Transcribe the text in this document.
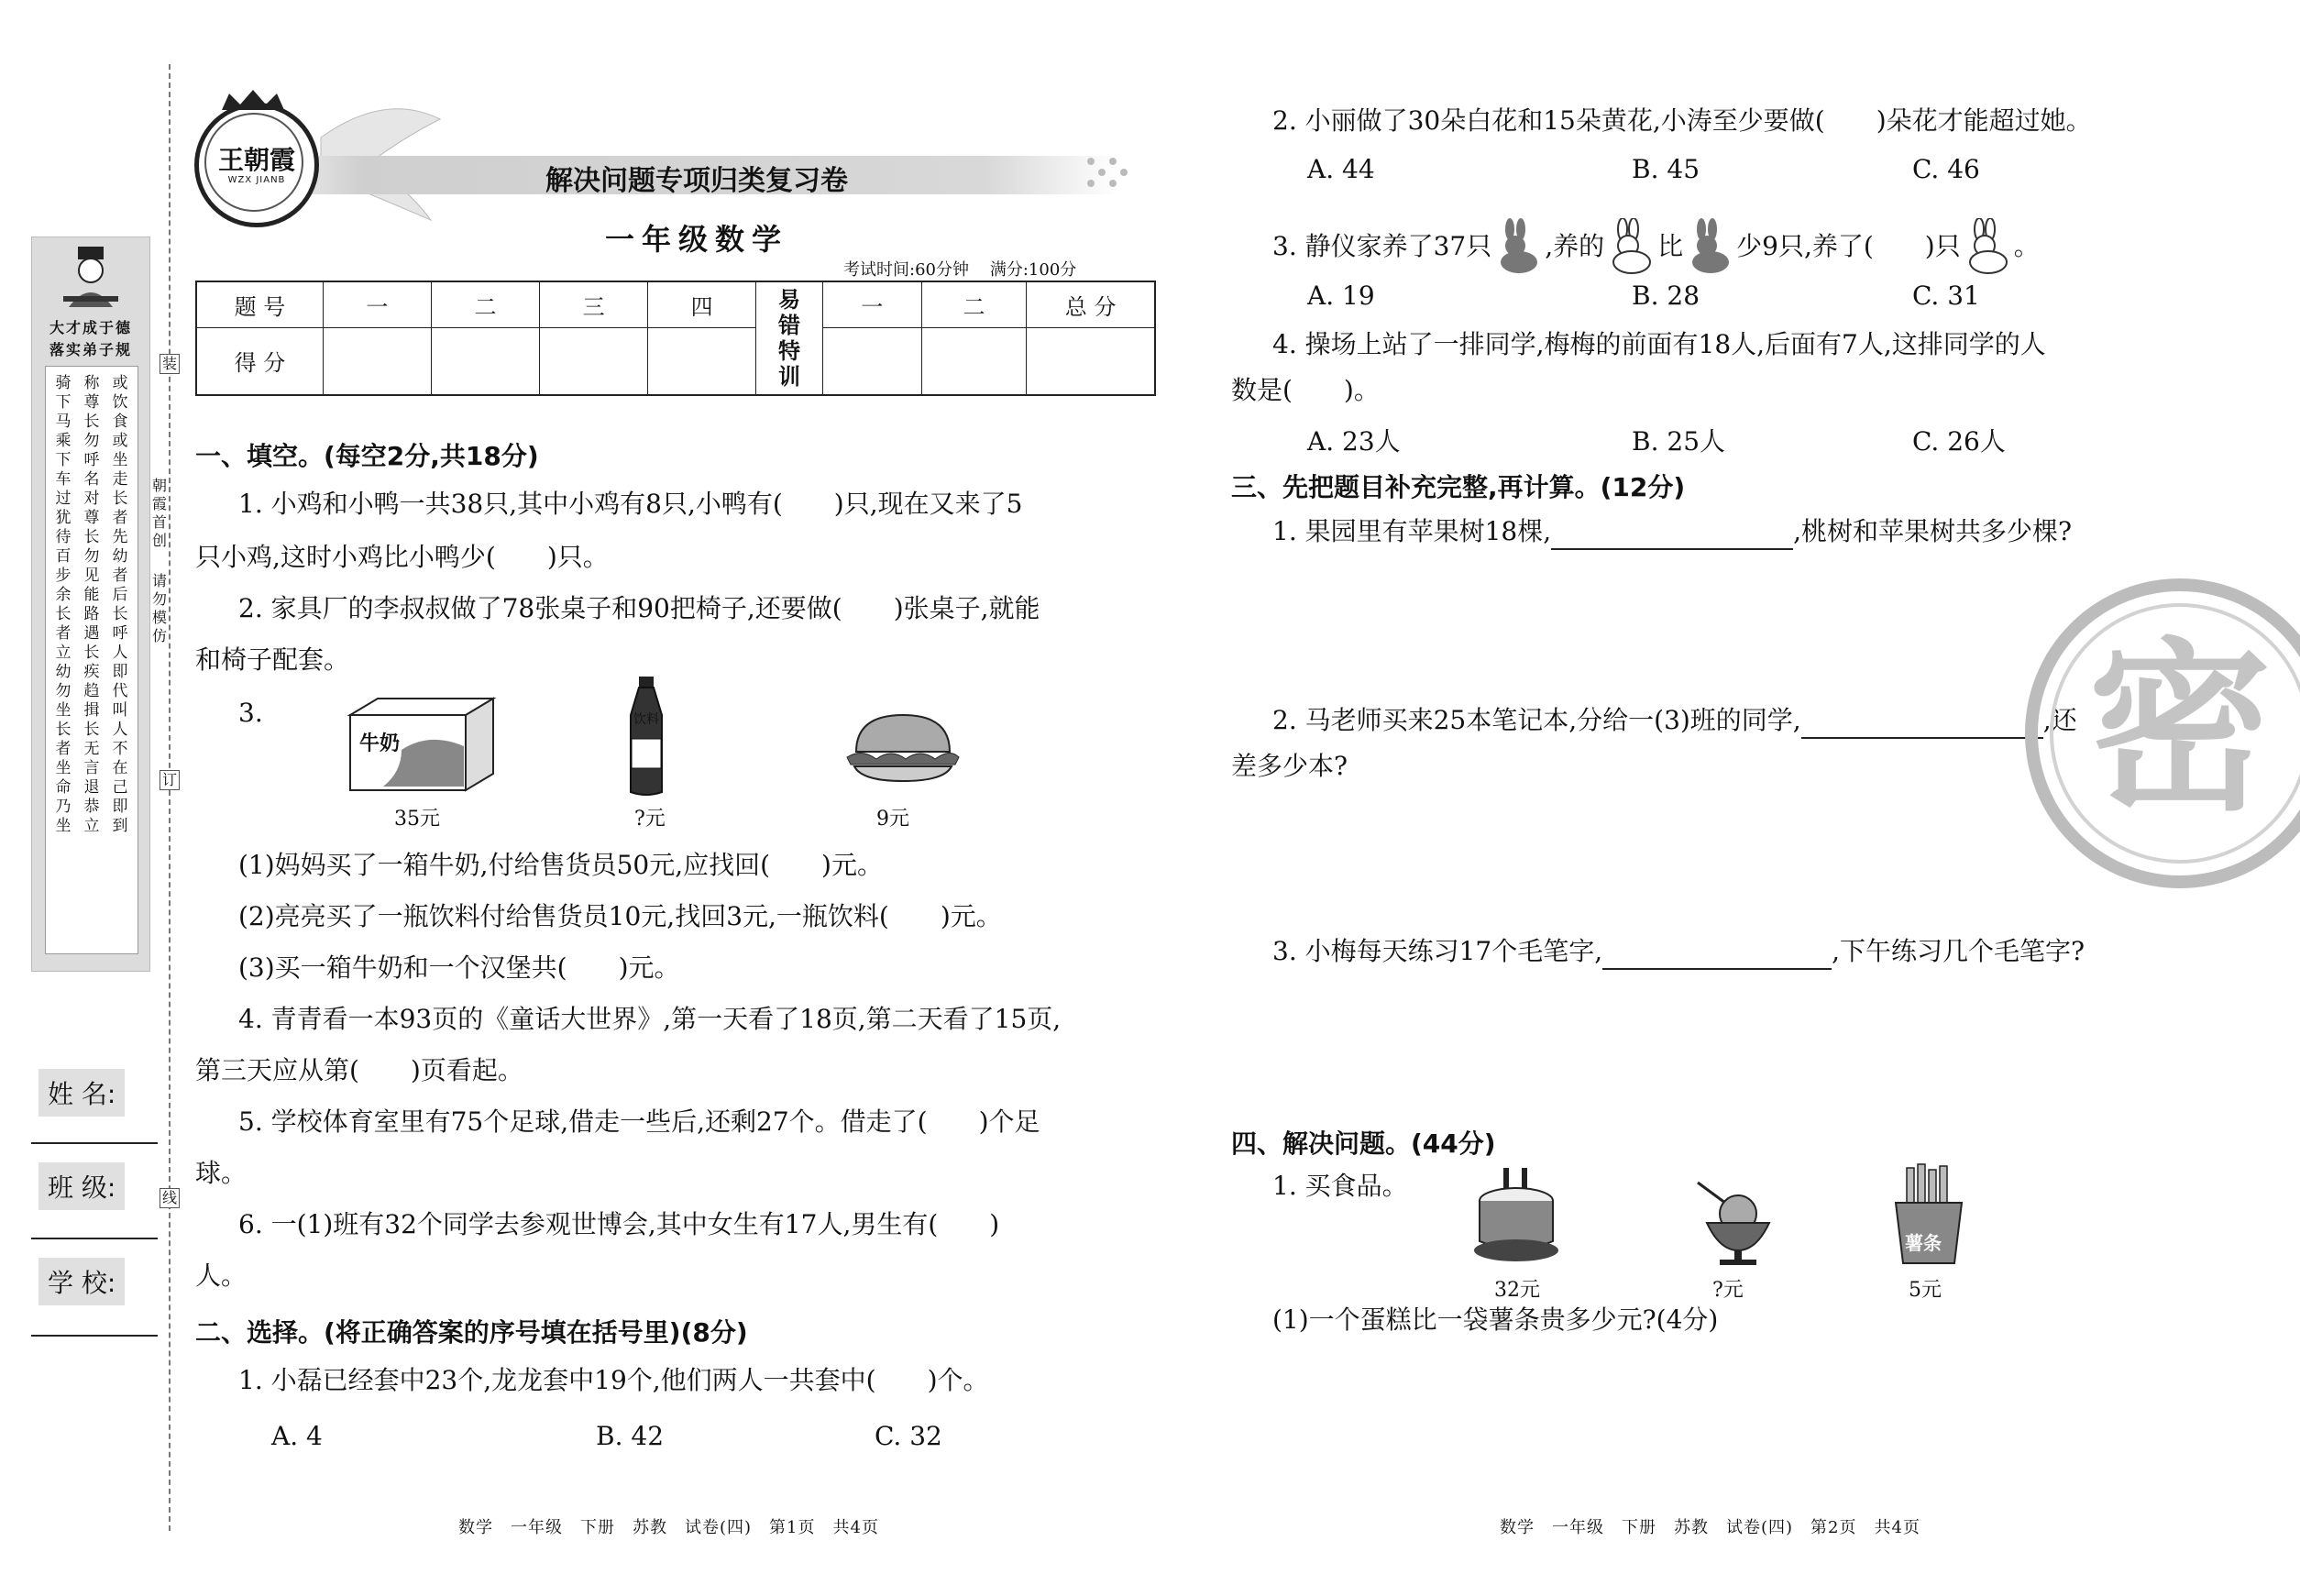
大才成于德
落实弟子规
骑下马乘下车过犹待百步余长者立幼勿坐长者坐命乃坐
称尊长勿呼名对尊长勿见能路遇长疾趋揖长无言退恭立
或饮食或坐走长者先幼者后长呼人即代叫人不在己即到
姓 名:
班 级:
学 校:
装
订
线
朝霞首创
请勿模仿
王朝霞
WZX JIANB	解决问题专项归类复习卷
一年级数学
考试时间:60分钟 满分:100分
题 号	一	二	三	四	易错特训	一	二	总 分
得 分								
一、填空。(每空2分,共18分)
1. 小鸡和小鸭一共38只,其中小鸡有8只,小鸭有(　　)只,现在又来了5
只小鸡,这时小鸡比小鸭少(　　)只。
2. 家具厂的李叔叔做了78张桌子和90把椅子,还要做(　　)张桌子,就能
和椅子配套。
3.
牛奶
饮料
35元	?元	9元
(1)妈妈买了一箱牛奶,付给售货员50元,应找回(　　)元。
(2)亮亮买了一瓶饮料付给售货员10元,找回3元,一瓶饮料(　　)元。
(3)买一箱牛奶和一个汉堡共(　　)元。
4. 青青看一本93页的《童话大世界》,第一天看了18页,第二天看了15页,
第三天应从第(　　)页看起。
5. 学校体育室里有75个足球,借走一些后,还剩27个。借走了(　　)个足
球。
6. 一(1)班有32个同学去参观世博会,其中女生有17人,男生有(　　)
人。
二、选择。(将正确答案的序号填在括号里)(8分)
1. 小磊已经套中23个,龙龙套中19个,他们两人一共套中(　　)个。
A. 4	B. 42	C. 32
数学　一年级　下册　苏教　试卷(四)　第1页　共4页
2. 小丽做了30朵白花和15朵黄花,小涛至少要做(　　)朵花才能超过她。
A. 44	B. 45	C. 46
3. 静仪家养了37只 ,养的 比 少9只,养了(　　)只 。
A. 19	B. 28	C. 31
4. 操场上站了一排同学,梅梅的前面有18人,后面有7人,这排同学的人
数是(　　)。
A. 23人	B. 25人	C. 26人
三、先把题目补充完整,再计算。(12分)
1. 果园里有苹果树18棵,	,桃树和苹果树共多少棵?
2. 马老师买来25本笔记本,分给一(3)班的同学,	,还
差多少本?
3. 小梅每天练习17个毛笔字,	,下午练习几个毛笔字?
密
四、解决问题。(44分)
1. 买食品。
薯条
32元	?元	5元
(1)一个蛋糕比一袋薯条贵多少元?(4分)
数学　一年级　下册　苏教　试卷(四)　第2页　共4页
